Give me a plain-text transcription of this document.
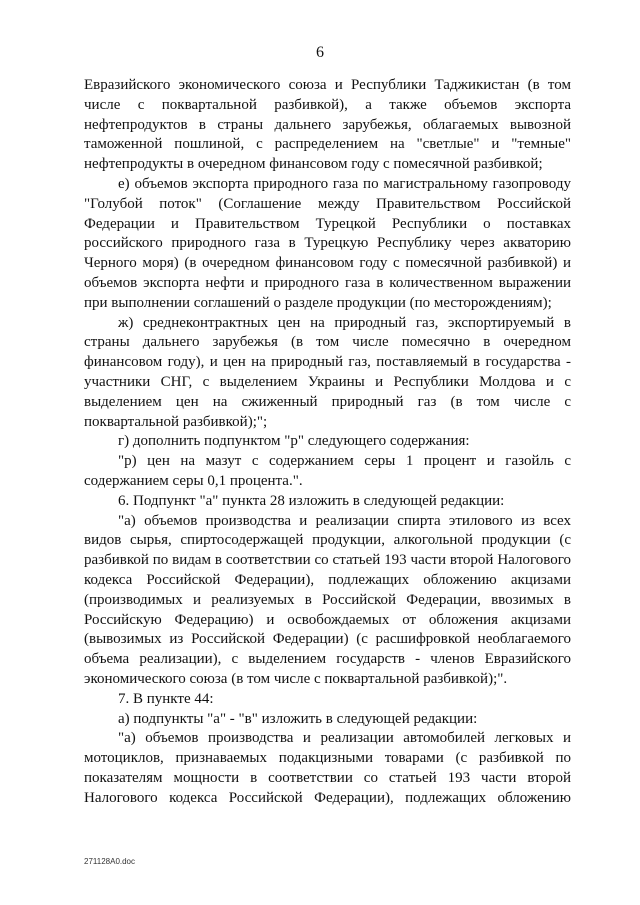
6

Евразийского экономического союза и Республики Таджикистан (в том числе с поквартальной разбивкой), а также объемов экспорта нефтепродуктов в страны дальнего зарубежья, облагаемых вывозной таможенной пошлиной, с распределением на "светлые" и "темные" нефтепродукты в очередном финансовом году с помесячной разбивкой;

е) объемов экспорта природного газа по магистральному газопроводу "Голубой поток" (Соглашение между Правительством Российской Федерации и Правительством Турецкой Республики о поставках российского природного газа в Турецкую Республику через акваторию Черного моря) (в очередном финансовом году с помесячной разбивкой) и объемов экспорта нефти и природного газа в количественном выражении при выполнении соглашений о разделе продукции (по месторождениям);

ж) среднеконтрактных цен на природный газ, экспортируемый в страны дальнего зарубежья (в том числе помесячно в очередном финансовом году), и цен на природный газ, поставляемый в государства - участники СНГ, с выделением Украины и Республики Молдова и с выделением цен на сжиженный природный газ (в том числе с поквартальной разбивкой);";

г) дополнить подпунктом "р" следующего содержания:

"р) цен на мазут с содержанием серы 1 процент и газойль с содержанием серы 0,1 процента.".

6. Подпункт "а" пункта 28 изложить в следующей редакции:

"а) объемов производства и реализации спирта этилового из всех видов сырья, спиртосодержащей продукции, алкогольной продукции (с разбивкой по видам в соответствии со статьей 193 части второй Налогового кодекса Российской Федерации), подлежащих обложению акцизами (производимых и реализуемых в Российской Федерации, ввозимых в Российскую Федерацию) и освобождаемых от обложения акцизами (вывозимых из Российской Федерации) (с расшифровкой необлагаемого объема реализации), с выделением государств - членов Евразийского экономического союза (в том числе с поквартальной разбивкой);".

7. В пункте 44:

а) подпункты "а" - "в" изложить в следующей редакции:

"а) объемов производства и реализации автомобилей легковых и мотоциклов, признаваемых подакцизными товарами (с разбивкой по показателям мощности в соответствии со статьей 193 части второй Налогового кодекса Российской Федерации), подлежащих обложению

271128А0.doc
